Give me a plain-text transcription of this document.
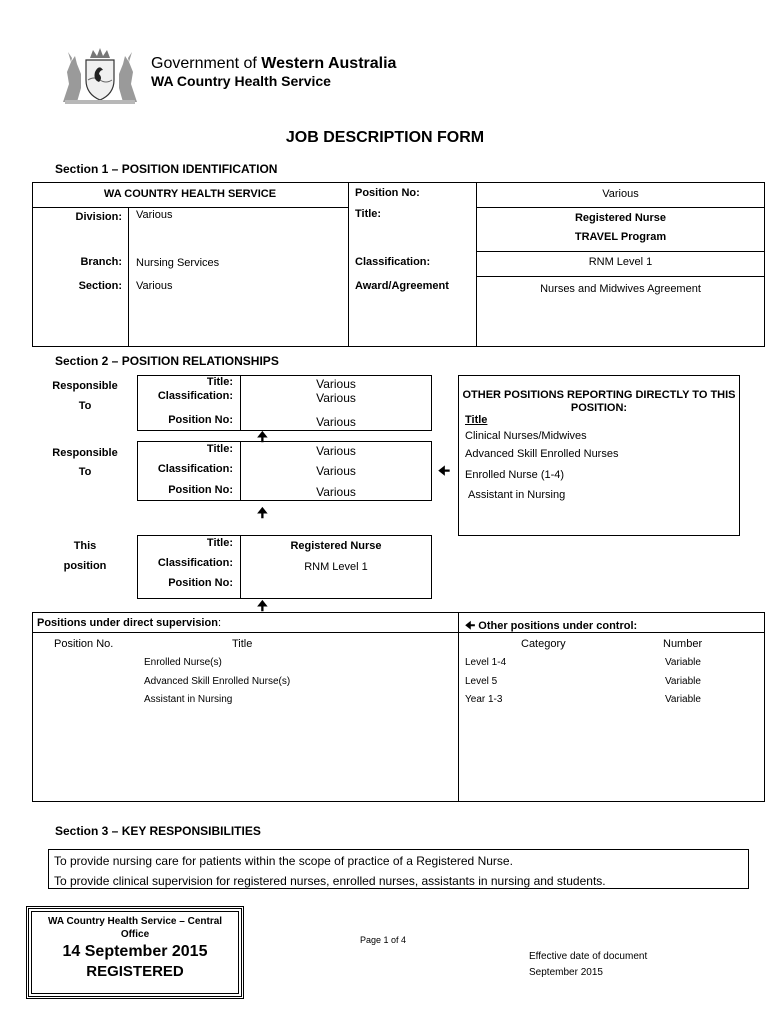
Government of Western Australia
WA Country Health Service
JOB DESCRIPTION FORM
Section 1 – POSITION IDENTIFICATION
WA COUNTRY HEALTH SERVICE
Division: Various
Branch: Nursing Services
Section: Various
Position No:	Various
Title:	Registered Nurse
TRAVEL Program
Classification:	RNM Level 1
Award/Agreement	Nurses and Midwives Agreement
Section 2 – POSITION RELATIONSHIPS
Responsible
To
Responsible
To
This
position
Title:	Various
Classification:	Various
Position No:	Various
🠉
Title:	Various
Classification:	Various
Position No:	Various
🠈
🠉
Title:	Registered Nurse
Classification:	RNM Level 1
Position No:
🠉
OTHER POSITIONS REPORTING DIRECTLY TO THIS POSITION:
Title
Clinical Nurses/Midwives
Advanced Skill Enrolled Nurses
Enrolled Nurse (1-4)
Assistant in Nursing
Positions under direct supervision:	🠈 Other positions under control:
Position No.	Title	Category	Number
Enrolled Nurse(s)
Advanced Skill Enrolled Nurse(s)
Assistant in Nursing
Level 1-4	Variable
Level 5	Variable
Year 1-3	Variable
Section 3 – KEY RESPONSIBILITIES
To provide nursing care for patients within the scope of practice of a Registered Nurse.
To provide clinical supervision for registered nurses, enrolled nurses, assistants in nursing and students.
WA Country Health Service – Central
Office
14 September 2015
REGISTERED
Page 1 of 4
Effective date of document
September 2015
